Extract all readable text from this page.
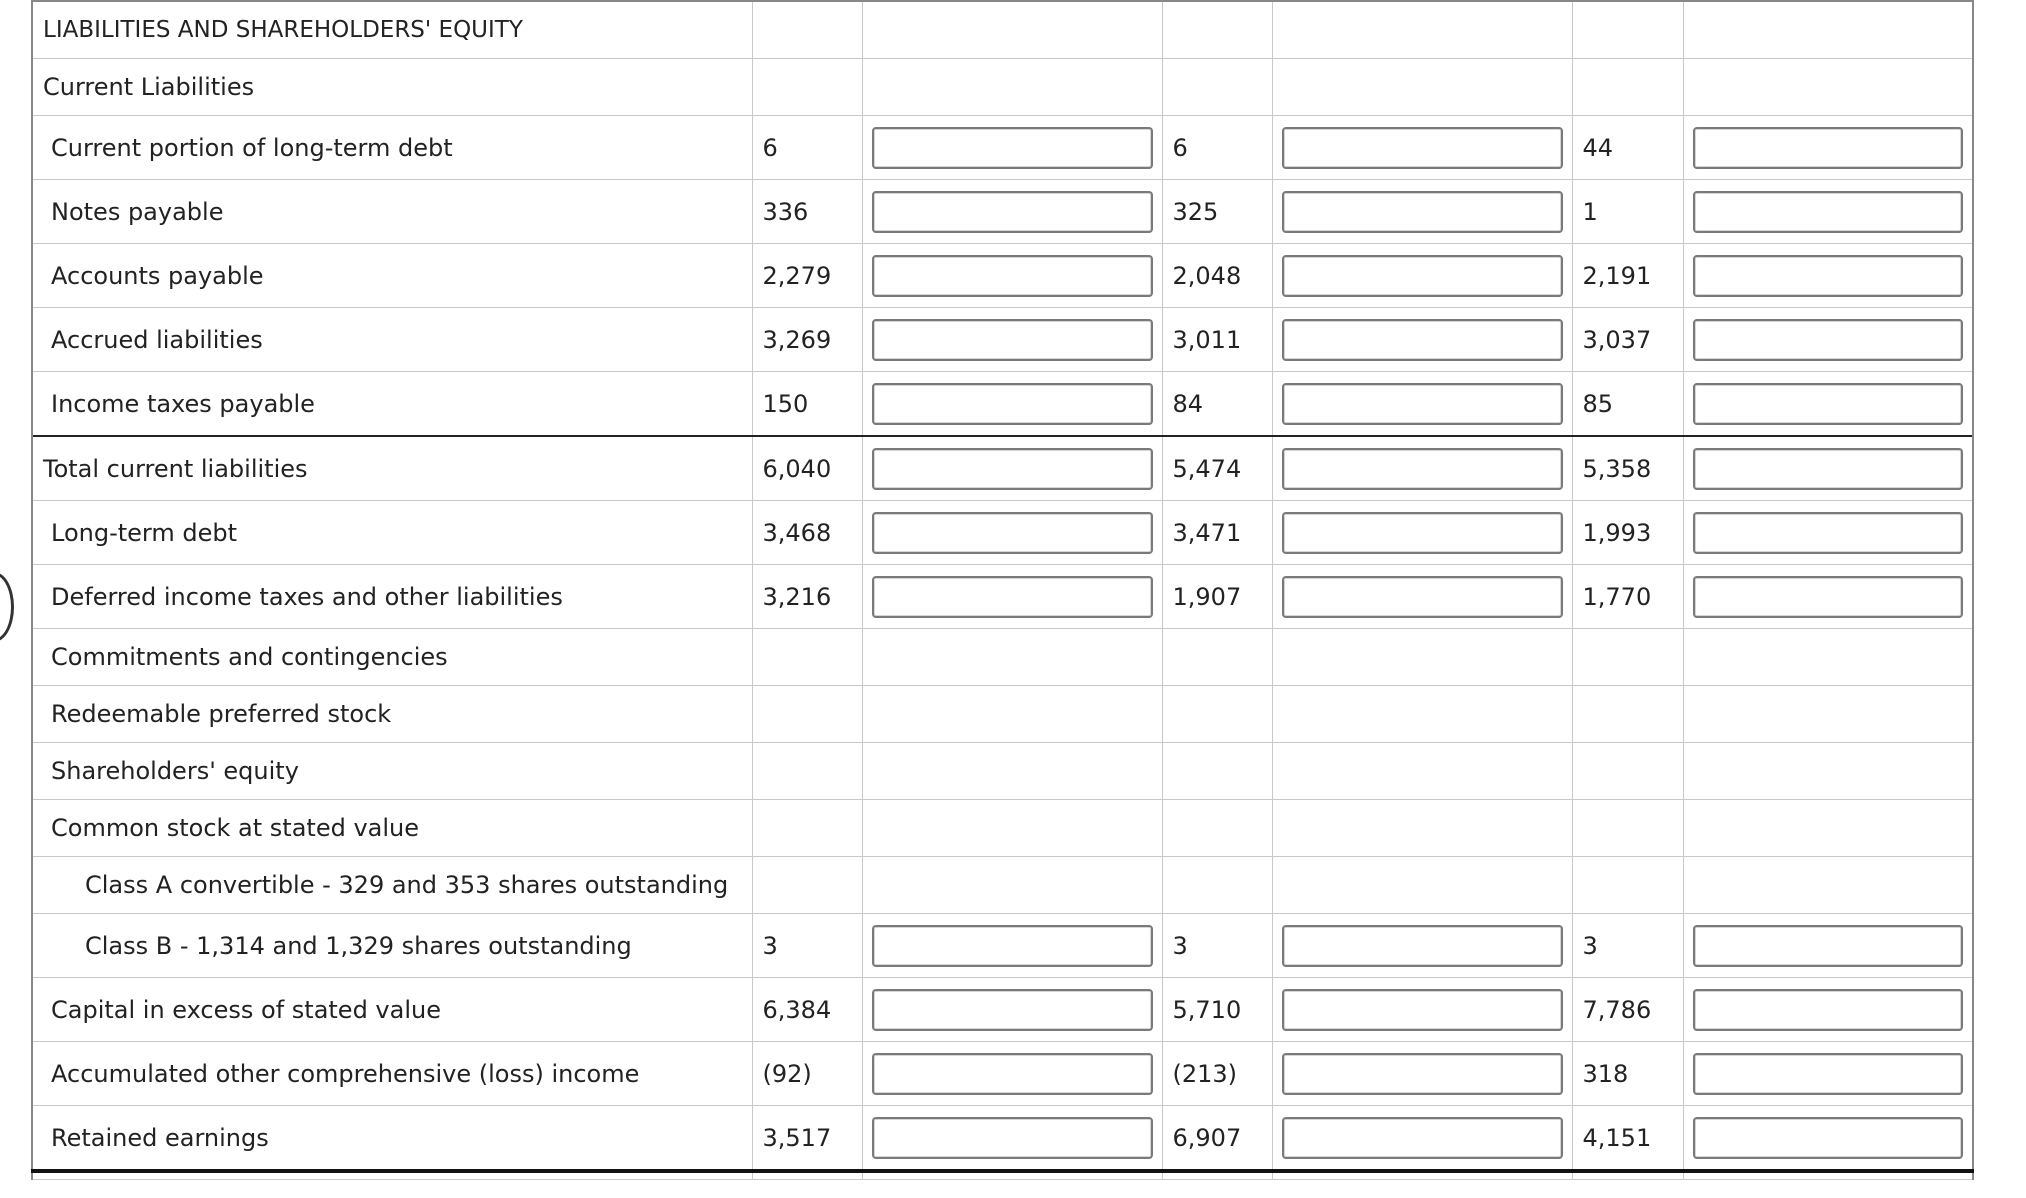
LIABILITIES AND SHAREHOLDERS' EQUITY						
Current Liabilities						
Current portion of long-term debt	6		6		44	

Notes payable	336		325		1	

Accounts payable	2,279		2,048		2,191	

Accrued liabilities	3,269		3,011		3,037	

Income taxes payable	150		84		85	

Total current liabilities	6,040		5,474		5,358	

Long-term debt	3,468		3,471		1,993	

Deferred income taxes and other liabilities	3,216		1,907		1,770	

Commitments and contingencies						
Redeemable preferred stock						
Shareholders' equity						
Common stock at stated value						
Class A convertible - 329 and 353 shares outstanding						
Class B - 1,314 and 1,329 shares outstanding	3		3		3	

Capital in excess of stated value	6,384		5,710		7,786	

Accumulated other comprehensive (loss) income	(92)		(213)		318	

Retained earnings	3,517		6,907		4,151	
